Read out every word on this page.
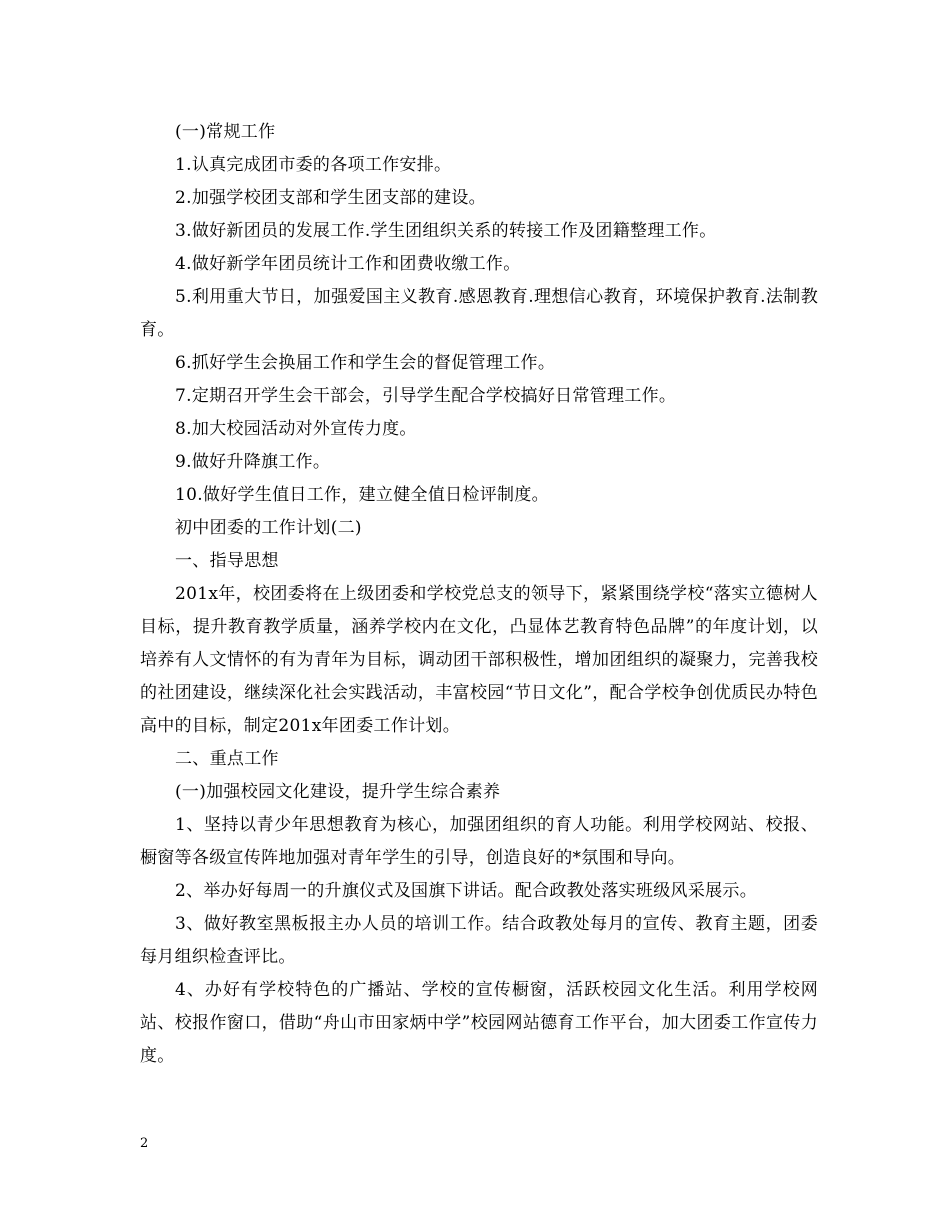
(一)常规工作

1.认真完成团市委的各项工作安排。

2.加强学校团支部和学生团支部的建设。

3.做好新团员的发展工作.学生团组织关系的转接工作及团籍整理工作。

4.做好新学年团员统计工作和团费收缴工作。

5.利用重大节日，加强爱国主义教育.感恩教育.理想信心教育，环境保护教育.法制教育。

6.抓好学生会换届工作和学生会的督促管理工作。

7.定期召开学生会干部会，引导学生配合学校搞好日常管理工作。

8.加大校园活动对外宣传力度。

9.做好升降旗工作。

10.做好学生值日工作，建立健全值日检评制度。

初中团委的工作计划(二)

一、指导思想

201x年，校团委将在上级团委和学校党总支的领导下，紧紧围绕学校“落实立德树人目标，提升教育教学质量，涵养学校内在文化，凸显体艺教育特色品牌”的年度计划，以培养有人文情怀的有为青年为目标，调动团干部积极性，增加团组织的凝聚力，完善我校的社团建设，继续深化社会实践活动，丰富校园“节日文化”，配合学校争创优质民办特色高中的目标，制定201x年团委工作计划。

二、重点工作

(一)加强校园文化建设，提升学生综合素养

1、坚持以青少年思想教育为核心，加强团组织的育人功能。利用学校网站、校报、橱窗等各级宣传阵地加强对青年学生的引导，创造良好的*氛围和导向。

2、举办好每周一的升旗仪式及国旗下讲话。配合政教处落实班级风采展示。

3、做好教室黑板报主办人员的培训工作。结合政教处每月的宣传、教育主题，团委每月组织检查评比。

4、办好有学校特色的广播站、学校的宣传橱窗，活跃校园文化生活。利用学校网站、校报作窗口，借助“舟山市田家炳中学”校园网站德育工作平台，加大团委工作宣传力度。

2
